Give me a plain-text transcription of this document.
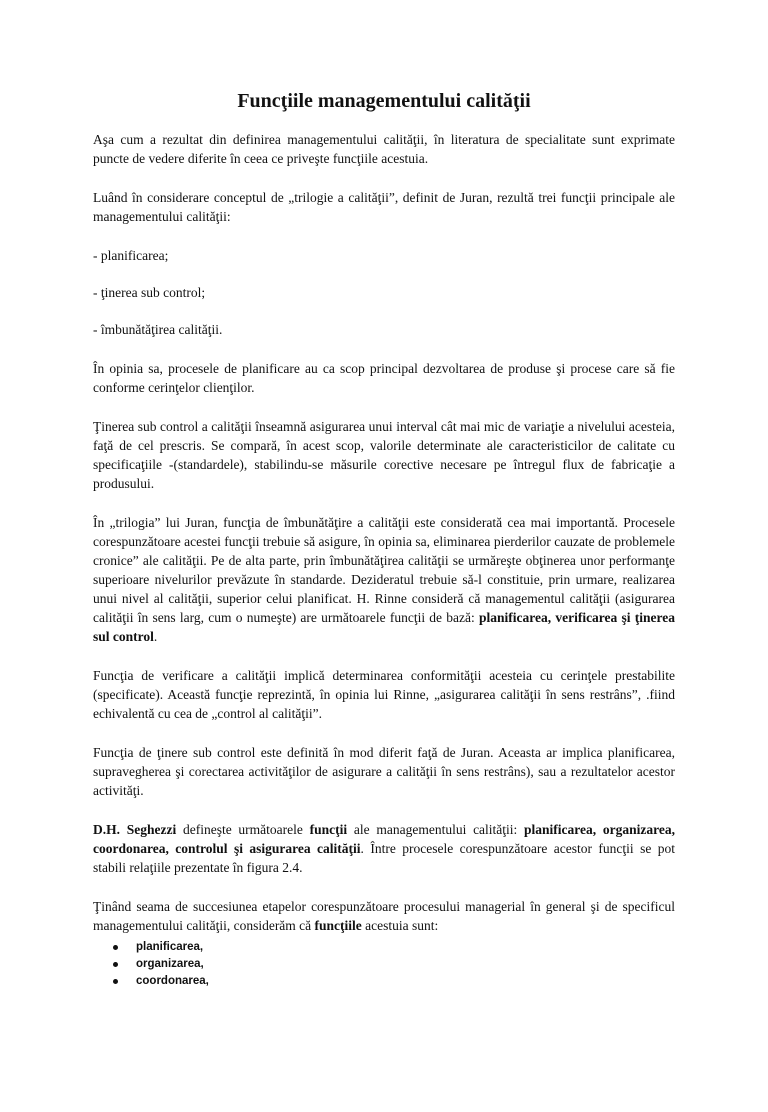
Funcţiile managementului calităţii

Aşa cum a rezultat din definirea managementului calităţii, în literatura de specialitate sunt exprimate puncte de vedere diferite în ceea ce priveşte funcţiile acestuia.

Luând în considerare conceptul de „trilogie a calităţii”, definit de Juran, rezultă trei funcţii principale ale managementului calităţii:

- planificarea;

- ţinerea sub control;

- îmbunătăţirea calităţii.

În opinia sa, procesele de planificare au ca scop principal dezvoltarea de produse şi procese care să fie conforme cerinţelor clienţilor.

Ţinerea sub control a calităţii înseamnă asigurarea unui interval cât mai mic de variaţie a nivelului acesteia, faţă de cel prescris. Se compară, în acest scop, valorile determinate ale caracteristicilor de calitate cu specificaţiile -(standardele), stabilindu-se măsurile corective necesare pe întregul flux de fabricaţie a produsului.

În „trilogia” lui Juran, funcţia de îmbunătăţire a calităţii este considerată cea mai importantă. Procesele corespunzătoare acestei funcţii trebuie să asigure, în opinia sa, eliminarea pierderilor cauzate de problemele cronice” ale calităţii. Pe de alta parte, prin îmbunătăţirea calităţii se urmăreşte obţinerea unor performanţe superioare nivelurilor prevăzute în standarde. Dezideratul trebuie să-l constituie, prin urmare, realizarea unui nivel al calităţii, superior celui planificat. H. Rinne consideră că managementul calităţii (asigurarea calităţii în sens larg, cum o numeşte) are următoarele funcţii de bază: planificarea, verificarea şi ţinerea sul control.

Funcţia de verificare a calităţii implică determinarea conformităţii acesteia cu cerinţele prestabilite (specificate). Această funcţie reprezintă, în opinia lui Rinne, „asigurarea calităţii în sens restrâns”, .fiind echivalentă cu cea de „control al calităţii”.

Funcţia de ţinere sub control este definită în mod diferit faţă de Juran. Aceasta ar implica planificarea, supravegherea şi corectarea activităţilor de asigurare a calităţii în sens restrâns), sau a rezultatelor acestor activităţi.

D.H. Seghezzi defineşte următoarele funcţii ale managementului calităţii: planificarea, organizarea, coordonarea, controlul şi asigurarea calităţii. Între procesele corespunzătoare acestor funcţii se pot stabili relaţiile prezentate în figura 2.4.

Ţinând seama de succesiunea etapelor corespunzătoare procesului managerial în general şi de specificul managementului calităţii, considerăm că funcţiile acestuia sunt:

planificarea,
organizarea,
coordonarea,
